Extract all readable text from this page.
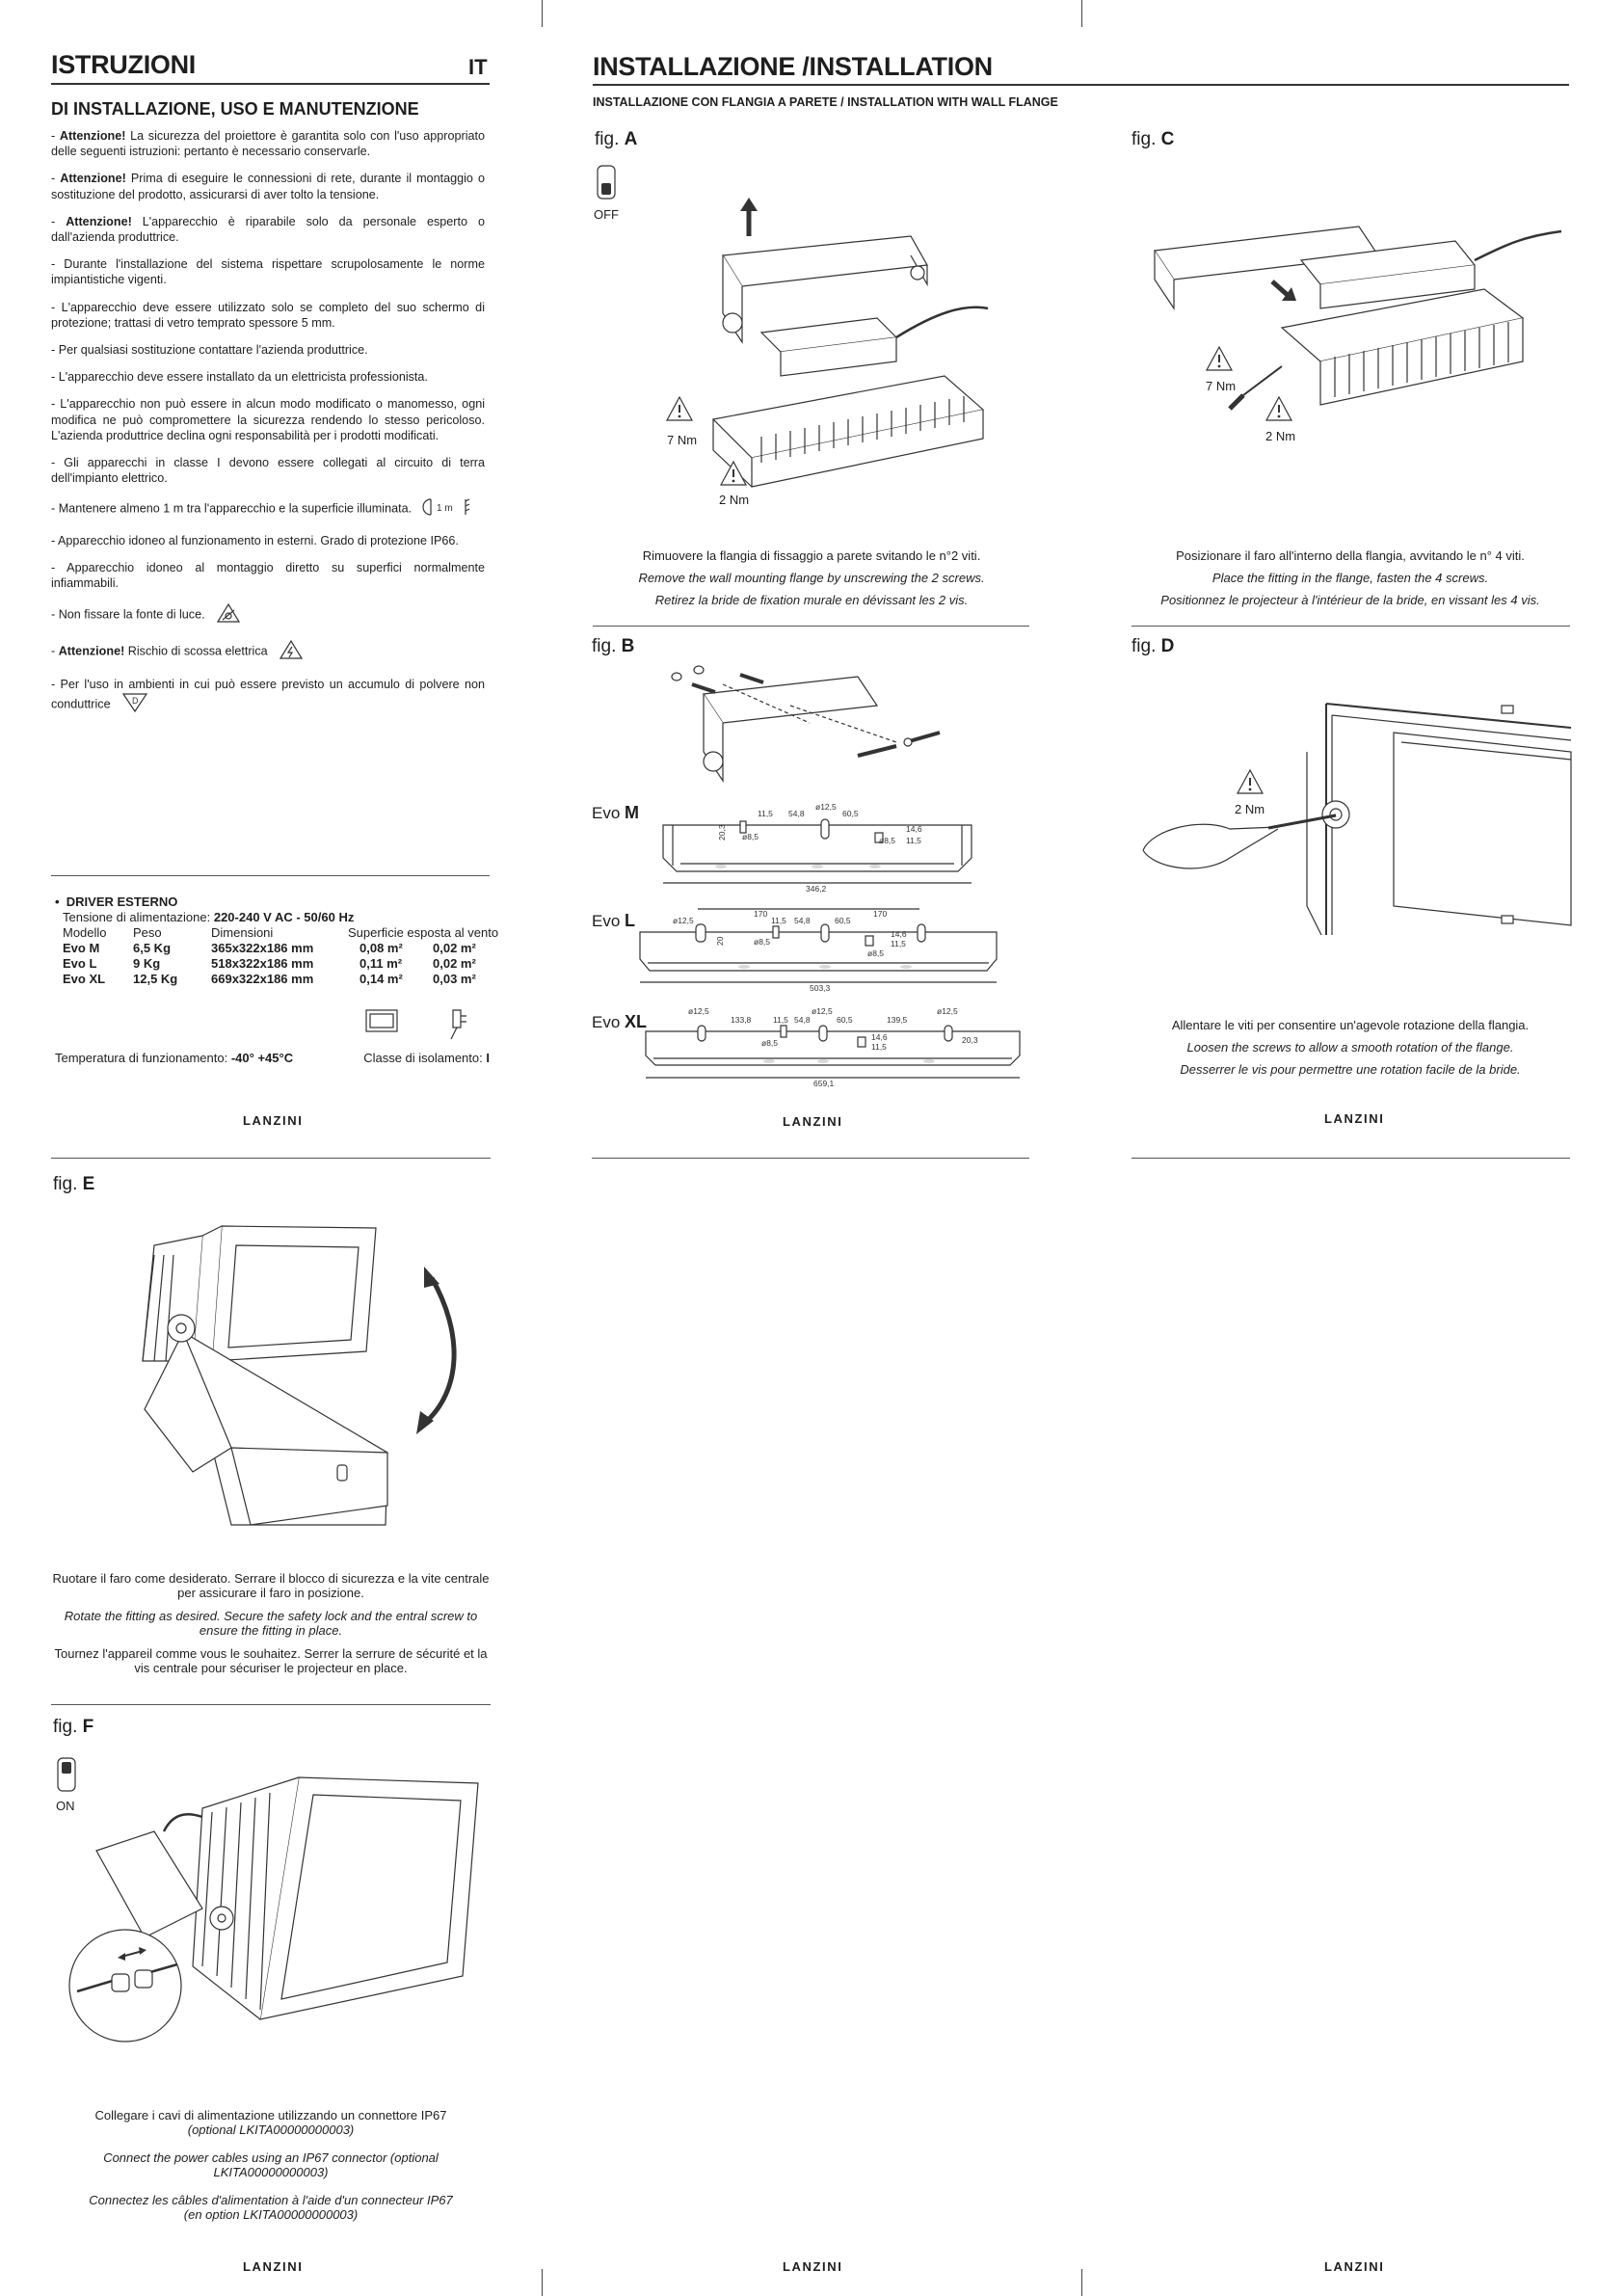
ISTRUZIONI	IT
DI INSTALLAZIONE, USO E MANUTENZIONE

- Attenzione! La sicurezza del proiettore è garantita solo con l'uso appropriato delle seguenti istruzioni: pertanto è necessario conservarle.

- Attenzione! Prima di eseguire le connessioni di rete, durante il montaggio o sostituzione del prodotto, assicurarsi di aver tolto la tensione.

- Attenzione! L'apparecchio è riparabile solo da personale esperto o dall'azienda produttrice.

- Durante l'installazione del sistema rispettare scrupolosamente le norme impiantistiche vigenti.

- L'apparecchio deve essere utilizzato solo se completo del suo schermo di protezione; trattasi di vetro temprato spessore 5 mm.

- Per qualsiasi sostituzione contattare l'azienda produttrice.

- L'apparecchio deve essere installato da un elettricista professionista.

- L'apparecchio non può essere in alcun modo modificato o manomesso, ogni modifica ne può compromettere la sicurezza rendendo lo stesso pericoloso. L'azienda produttrice declina ogni responsabilità per i prodotti modificati.

- Gli apparecchi in classe I devono essere collegati al circuito di terra dell'impianto elettrico.

- Mantenere almeno 1 m tra l'apparecchio e la superficie illuminata.	1 m

- Apparecchio idoneo al funzionamento in esterni. Grado di protezione IP66.

- Apparecchio idoneo al montaggio diretto su superfici normalmente infiammabili.

- Non fissare la fonte di luce.

- Attenzione! Rischio di scossa elettrica

- Per l'uso in ambienti in cui può essere previsto un accumulo di polvere non conduttrice	D

•  DRIVER ESTERNO
Tensione di alimentazione: 220-240 V AC - 50/60 Hz
Modello Peso	Dimensioni	Superficie esposta al vento
Evo M	6,5 Kg	365x322x186 mm	0,08 m² 0,02 m²
Evo L	9 Kg	518x322x186 mm	0,11 m² 0,02 m²
Evo XL 12,5 Kg	669x322x186 mm	0,14 m² 0,03 m²
Temperatura di funzionamento: -40° +45°C	Classe di isolamento: I
LANZINI
INSTALLAZIONE /INSTALLATION
INSTALLAZIONE CON FLANGIA A PARETE / INSTALLATION WITH WALL FLANGE
fig. A
OFF
7 Nm
2 Nm
Rimuovere la flangia di fissaggio a parete svitando le n°2 viti.
Remove the wall mounting flange by unscrewing the 2 screws.
Retirez la bride de fixation murale en dévissant les 2 vis.
fig. B
Evo M	11,5 54,8
ø12,5
60,5
14,6
11,5
ø8,5	ø8,5
20,3
346,2
Evo L	ø12,5
170	170
11,5 54,8	60,5
14,6
11,5
ø8,5
ø8,5
20
503,3
Evo XL
ø12,5
133,8	11,5 54,8
ø12,5
60,5	139,5
ø12,5
14,6
11,5
ø8,5	20,3
659,1
LANZINI
fig. C
7 Nm
2 Nm
Posizionare il faro all'interno della flangia, avvitando le n° 4 viti.
Place the fitting in the flange, fasten the 4 screws.
Positionnez le projecteur à l'intérieur de la bride, en vissant les 4 vis.
fig. D
2 Nm
Allentare le viti per consentire un'agevole rotazione della flangia.
Loosen the screws to allow a smooth rotation of the flange.
Desserrer le vis pour permettre une rotation facile de la bride.
LANZINI
fig. E
Ruotare il faro come desiderato. Serrare il blocco di sicurezza e la vite centrale per assicurare il faro in posizione.
Rotate the fitting as desired. Secure the safety lock and the entral screw to ensure the fitting in place.
Tournez l'appareil comme vous le souhaitez. Serrer la serrure de sécurité et la vis centrale pour sécuriser le projecteur en place.
fig. F
ON
Collegare i cavi di alimentazione utilizzando un connettore IP67
(optional LKITA00000000003)
Connect the power cables using an IP67 connector (optional LKITA00000000003)
Connectez les câbles d'alimentation à l'aide d'un connecteur IP67
(en option LKITA00000000003)
LANZINI	LANZINI	LANZINI
